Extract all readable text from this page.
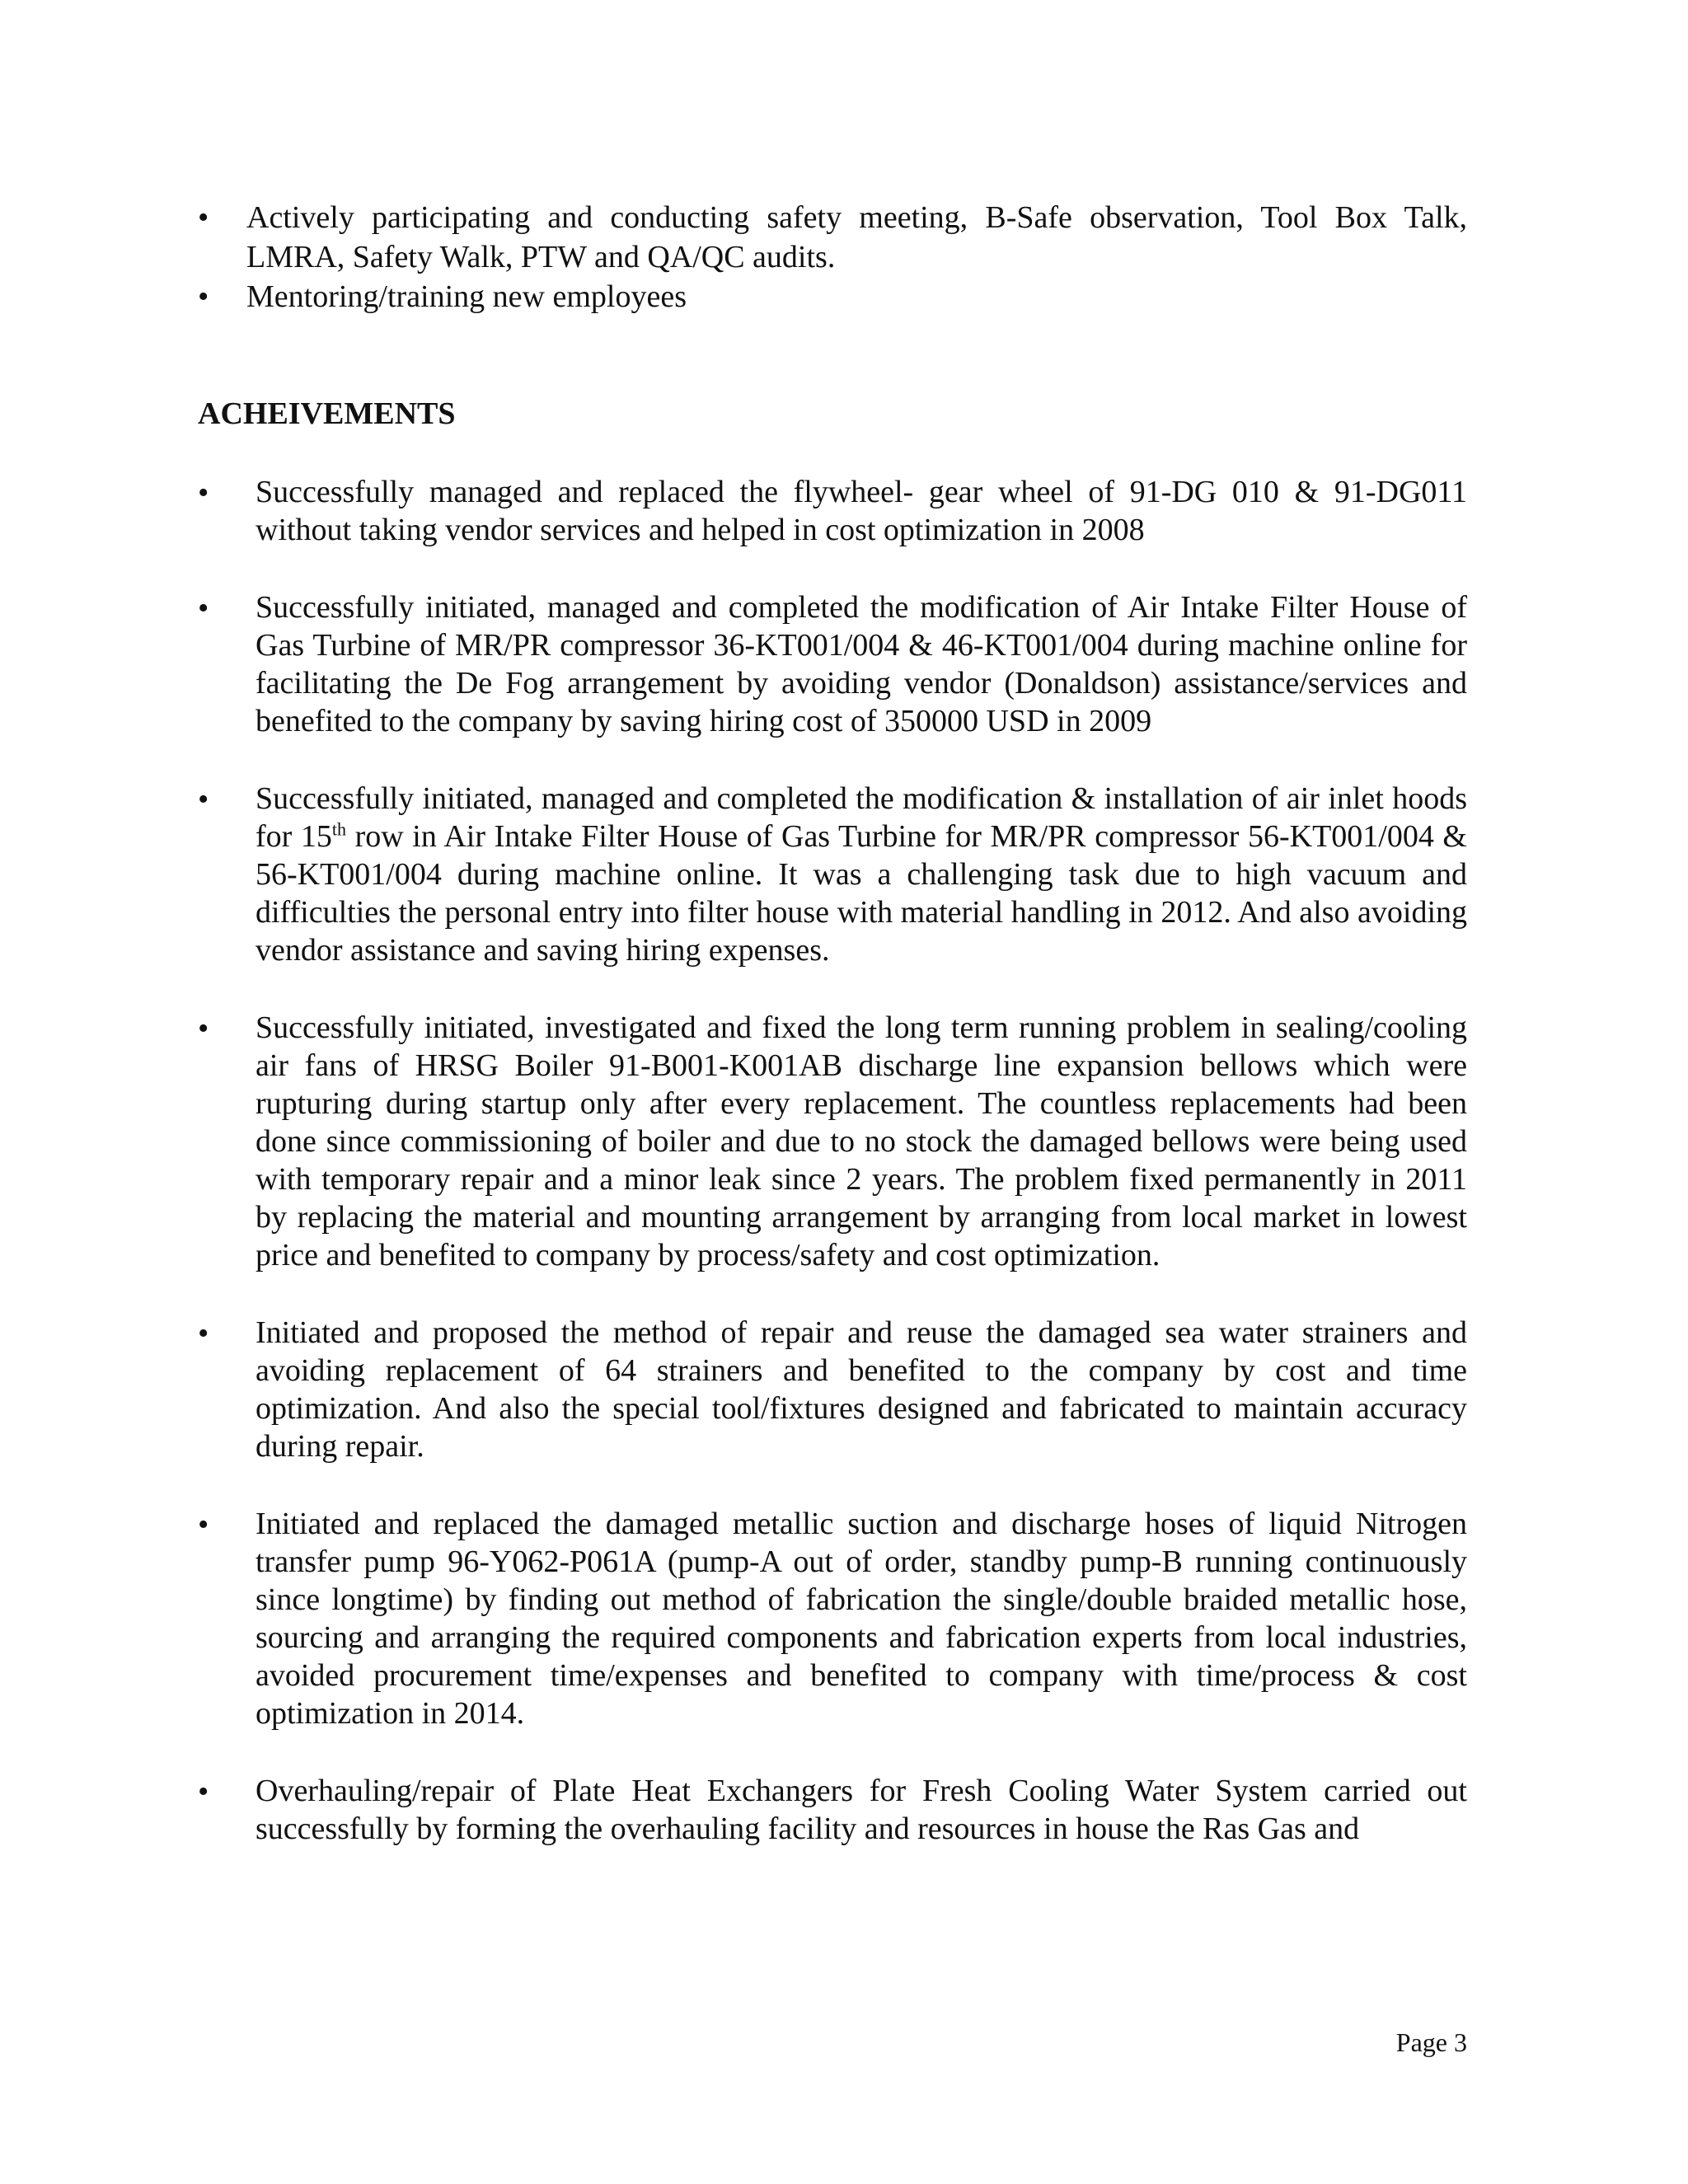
• Actively participating and conducting safety meeting, B-Safe observation, Tool Box Talk, LMRA, Safety Walk, PTW and QA/QC audits.
• Mentoring/training new employees
ACHEIVEMENTS
• Successfully managed and replaced the flywheel- gear wheel of 91-DG 010 & 91-DG011 without taking vendor services and helped in cost optimization in 2008
• Successfully initiated, managed and completed the modification of Air Intake Filter House of Gas Turbine of MR/PR compressor 36-KT001/004 & 46-KT001/004 during machine online for facilitating the De Fog arrangement by avoiding vendor (Donaldson) assistance/services and benefited to the company by saving hiring cost of 350000 USD in 2009
• Successfully initiated, managed and completed the modification & installation of air inlet hoods for 15th row in Air Intake Filter House of Gas Turbine for MR/PR compressor 56-KT001/004 & 56-KT001/004 during machine online. It was a challenging task due to high vacuum and difficulties the personal entry into filter house with material handling in 2012. And also avoiding vendor assistance and saving hiring expenses.
• Successfully initiated, investigated and fixed the long term running problem in sealing/cooling air fans of HRSG Boiler 91-B001-K001AB discharge line expansion bellows which were rupturing during startup only after every replacement. The countless replacements had been done since commissioning of boiler and due to no stock the damaged bellows were being used with temporary repair and a minor leak since 2 years. The problem fixed permanently in 2011 by replacing the material and mounting arrangement by arranging from local market in lowest price and benefited to company by process/safety and cost optimization.
• Initiated and proposed the method of repair and reuse the damaged sea water strainers and avoiding replacement of 64 strainers and benefited to the company by cost and time optimization. And also the special tool/fixtures designed and fabricated to maintain accuracy during repair.
• Initiated and replaced the damaged metallic suction and discharge hoses of liquid Nitrogen transfer pump 96-Y062-P061A (pump-A out of order, standby pump-B running continuously since longtime) by finding out method of fabrication the single/double braided metallic hose, sourcing and arranging the required components and fabrication experts from local industries, avoided procurement time/expenses and benefited to company with time/process & cost optimization in 2014.
• Overhauling/repair of Plate Heat Exchangers for Fresh Cooling Water System carried out successfully by forming the overhauling facility and resources in house the Ras Gas and
Page 3
